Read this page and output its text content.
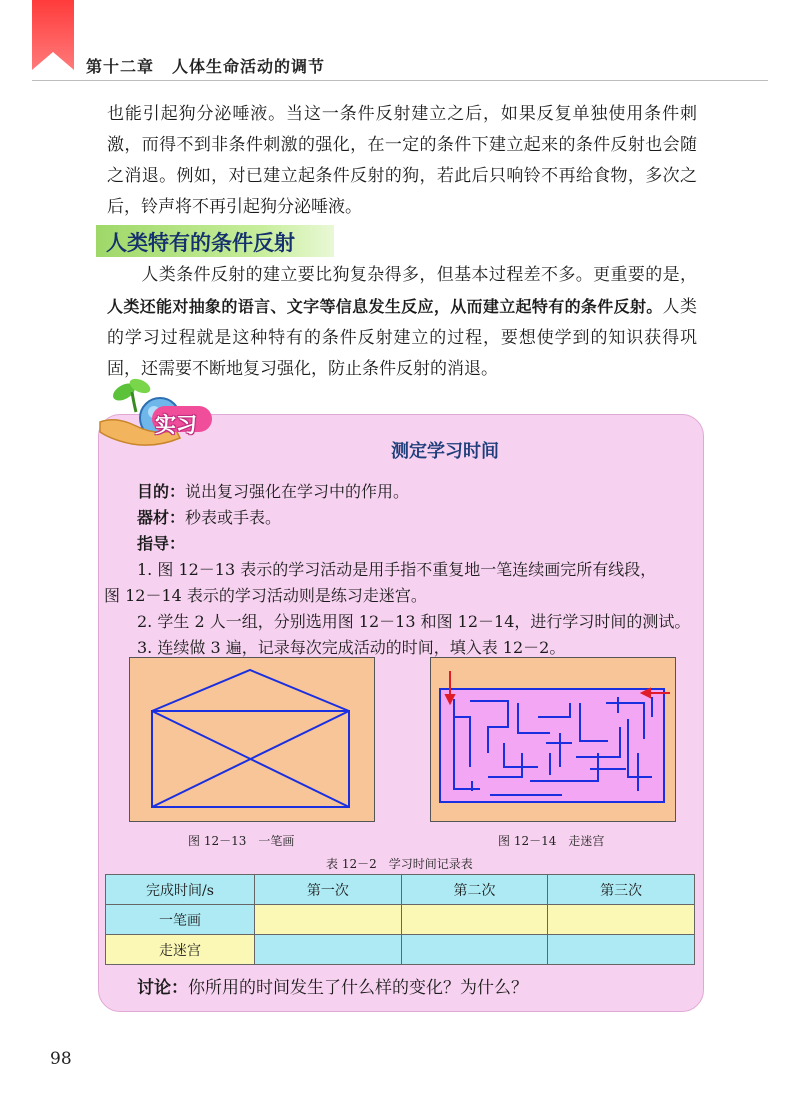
第十二章 人体生命活动的调节
也能引起狗分泌唾液。当这一条件反射建立之后，如果反复单独使用条件刺激，而得不到非条件刺激的强化，在一定的条件下建立起来的条件反射也会随之消退。例如，对已建立起条件反射的狗，若此后只响铃不再给食物，多次之后，铃声将不再引起狗分泌唾液。
人类特有的条件反射
人类条件反射的建立要比狗复杂得多，但基本过程差不多。更重要的是，人类还能对抽象的语言、文字等信息发生反应，从而建立起特有的条件反射。人类的学习过程就是这种特有的条件反射建立的过程，要想使学到的知识获得巩固，还需要不断地复习强化，防止条件反射的消退。
实习
测定学习时间
目的：说出复习强化在学习中的作用。
器材：秒表或手表。
指导：
1. 图 12－13 表示的学习活动是用手指不重复地一笔连续画完所有线段，
图 12－14 表示的学习活动则是练习走迷宫。
2. 学生 2 人一组，分别选用图 12－13 和图 12－14，进行学习时间的测试。
3. 连续做 3 遍，记录每次完成活动的时间，填入表 12－2。
图 12－13　一笔画	图 12－14　走迷宫
表 12－2　学习时间记录表
完成时间/s	第一次	第二次	第三次
一笔画			
走迷宫			
讨论：你所用的时间发生了什么样的变化？为什么？
98
